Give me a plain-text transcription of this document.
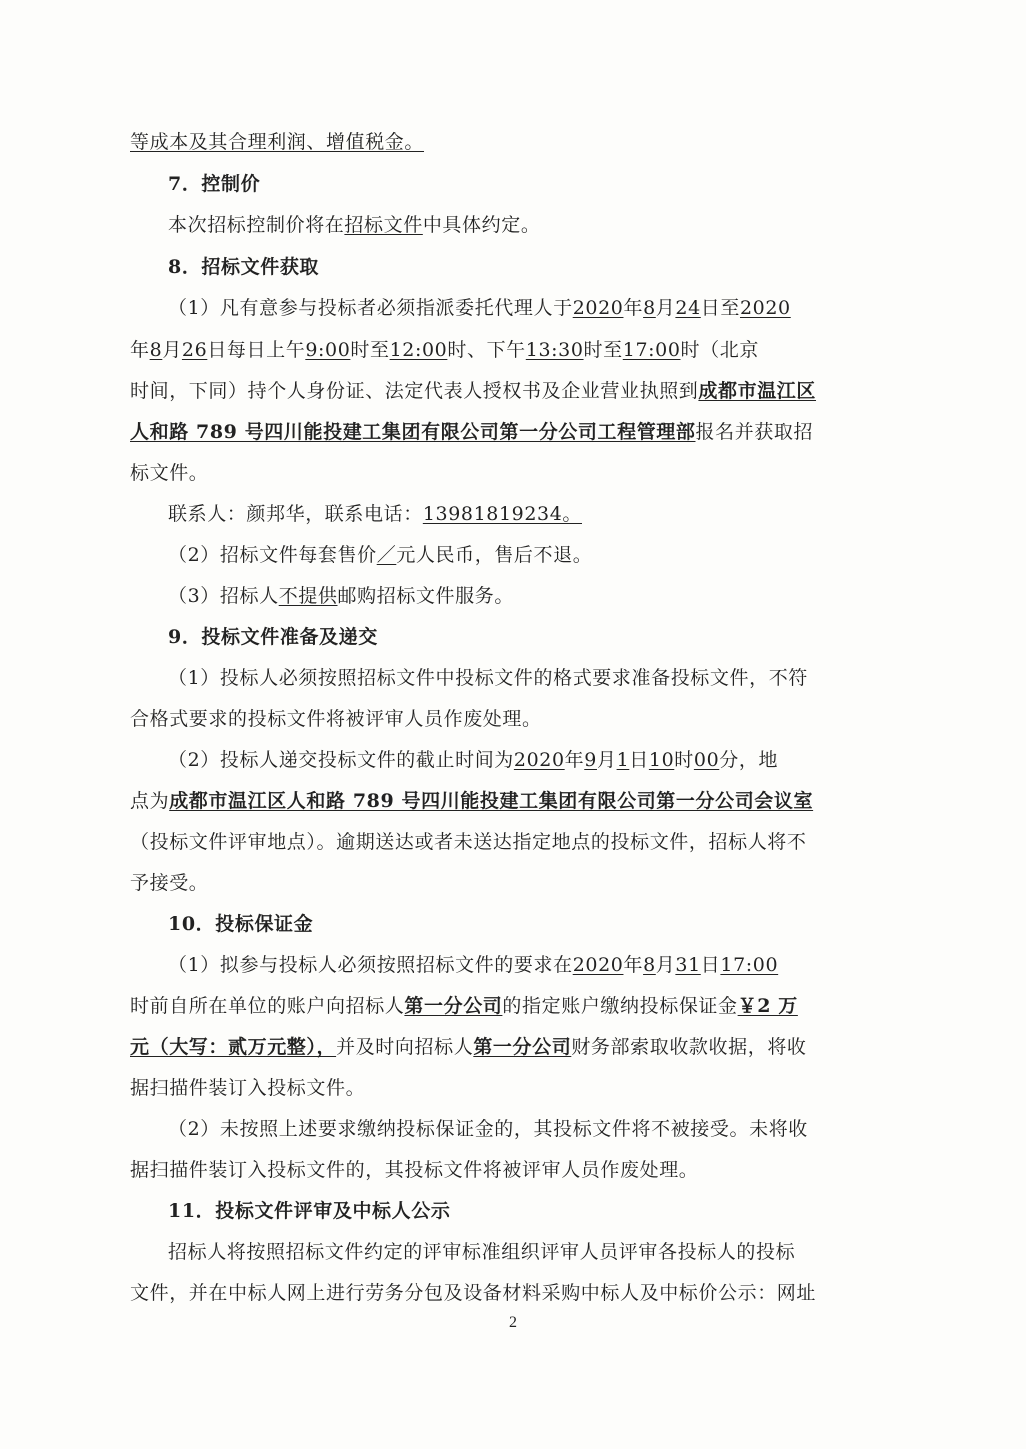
等成本及其合理利润、增值税金。
7．控制价
本次招标控制价将在招标文件中具体约定。
8．招标文件获取
（1）凡有意参与投标者必须指派委托代理人于2020年8月24日至2020
年8月26日每日上午9:00时至12:00时、下午13:30时至17:00时（北京
时间，下同）持个人身份证、法定代表人授权书及企业营业执照到成都市温江区
人和路 789 号四川能投建工集团有限公司第一分公司工程管理部报名并获取招
标文件。
联系人：颜邦华，联系电话：13981819234。
（2）招标文件每套售价／元人民币，售后不退。
（3）招标人不提供邮购招标文件服务。
9．投标文件准备及递交
（1）投标人必须按照招标文件中投标文件的格式要求准备投标文件，不符
合格式要求的投标文件将被评审人员作废处理。
（2）投标人递交投标文件的截止时间为2020年9月1日10时00分，地
点为成都市温江区人和路 789 号四川能投建工集团有限公司第一分公司会议室
（投标文件评审地点）。逾期送达或者未送达指定地点的投标文件，招标人将不
予接受。
10．投标保证金
（1）拟参与投标人必须按照招标文件的要求在2020年8月31日17:00
时前自所在单位的账户向招标人第一分公司的指定账户缴纳投标保证金￥2 万
元（大写：贰万元整），并及时向招标人第一分公司财务部索取收款收据，将收
据扫描件装订入投标文件。
（2）未按照上述要求缴纳投标保证金的，其投标文件将不被接受。未将收
据扫描件装订入投标文件的，其投标文件将被评审人员作废处理。
11．投标文件评审及中标人公示
招标人将按照招标文件约定的评审标准组织评审人员评审各投标人的投标
文件，并在中标人网上进行劳务分包及设备材料采购中标人及中标价公示：网址
2
